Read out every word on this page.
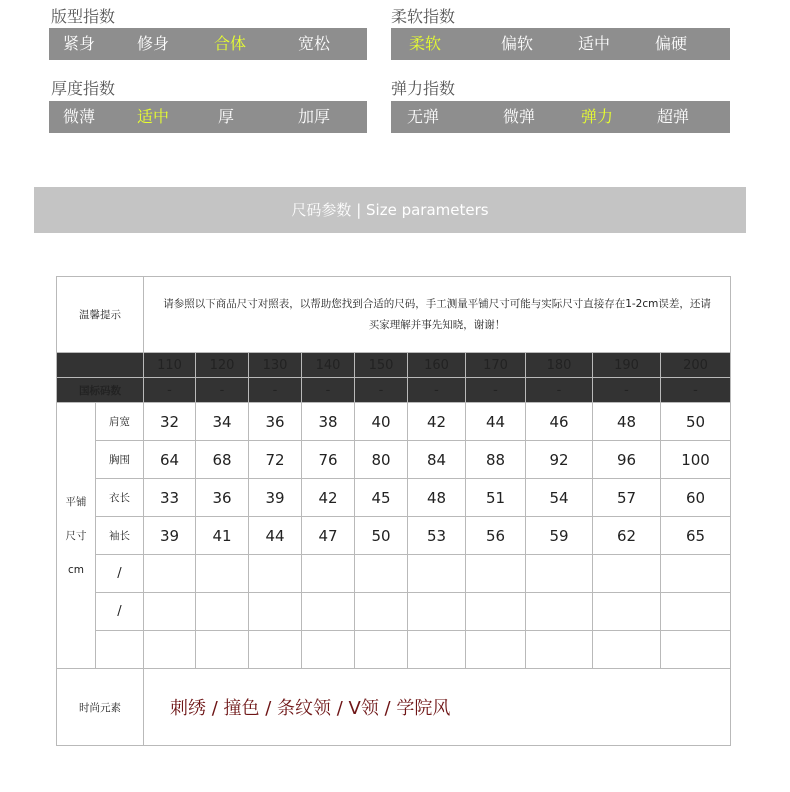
版型指数
紧身	修身	合体	宽松
柔软指数
柔软	偏软	适中	偏硬
厚度指数
微薄	适中	厚	加厚
弹力指数
无弹	微弹	弹力	超弹
尺码参数 | Size parameters
温馨提示		请参照以下商品尺寸对照表，以帮助您找到合适的尺码，手工测量平铺尺寸可能与实际尺寸直接存在1-2cm误差，还请
买家理解并事先知晓，谢谢！									

		110	120	130	140	150	160	170	180	190	200
国标码数		-	-	-	-	-	-	-	-	-	-

平铺
尺寸
cm	肩宽	32	34	36	38	40	42	44	46	48	50
	胸围	64	68	72	76	80	84	88	92	96	100
	衣长	33	36	39	42	45	48	51	54	57	60
	袖长	39	41	44	47	50	53	56	59	62	65
	/										
	/										

时尚元素		刺绣 / 撞色 / 条纹领 / V领 / 学院风									
